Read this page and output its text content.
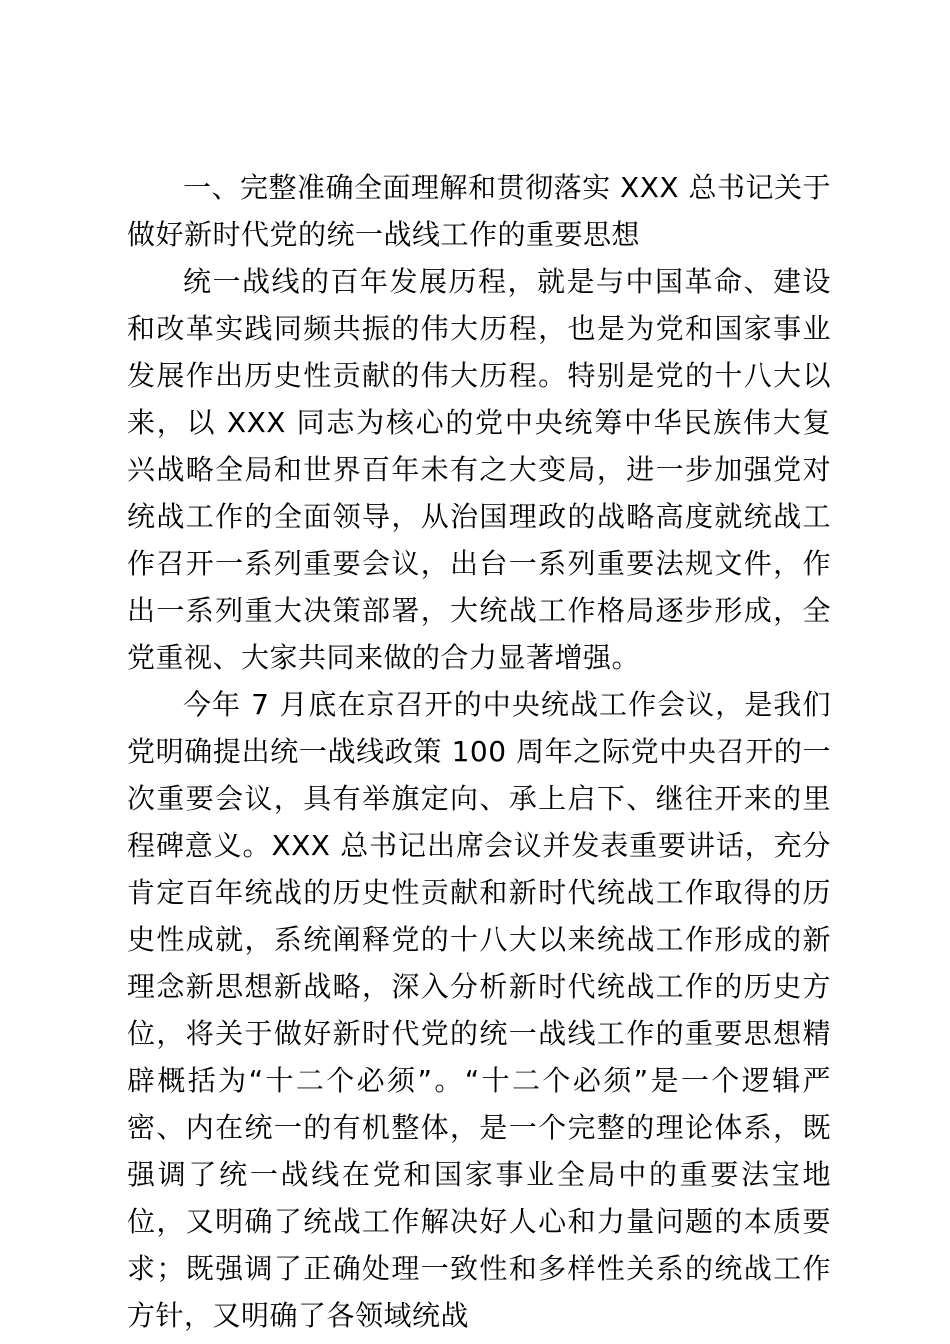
一、完整准确全面理解和贯彻落实 XXX 总书记关于做好新时代党的统一战线工作的重要思想

统一战线的百年发展历程，就是与中国革命、建设和改革实践同频共振的伟大历程，也是为党和国家事业发展作出历史性贡献的伟大历程。特别是党的十八大以来，以 XXX 同志为核心的党中央统筹中华民族伟大复兴战略全局和世界百年未有之大变局，进一步加强党对统战工作的全面领导，从治国理政的战略高度就统战工作召开一系列重要会议，出台一系列重要法规文件，作出一系列重大决策部署，大统战工作格局逐步形成，全党重视、大家共同来做的合力显著增强。

今年 7 月底在京召开的中央统战工作会议，是我们党明确提出统一战线政策 100 周年之际党中央召开的一次重要会议，具有举旗定向、承上启下、继往开来的里程碑意义。XXX 总书记出席会议并发表重要讲话，充分肯定百年统战的历史性贡献和新时代统战工作取得的历史性成就，系统阐释党的十八大以来统战工作形成的新理念新思想新战略，深入分析新时代统战工作的历史方位，将关于做好新时代党的统一战线工作的重要思想精辟概括为“十二个必须”。“十二个必须”是一个逻辑严密、内在统一的有机整体，是一个完整的理论体系，既强调了统一战线在党和国家事业全局中的重要法宝地位，又明确了统战工作解决好人心和力量问题的本质要求；既强调了正确处理一致性和多样性关系的统战工作方针，又明确了各领域统战
